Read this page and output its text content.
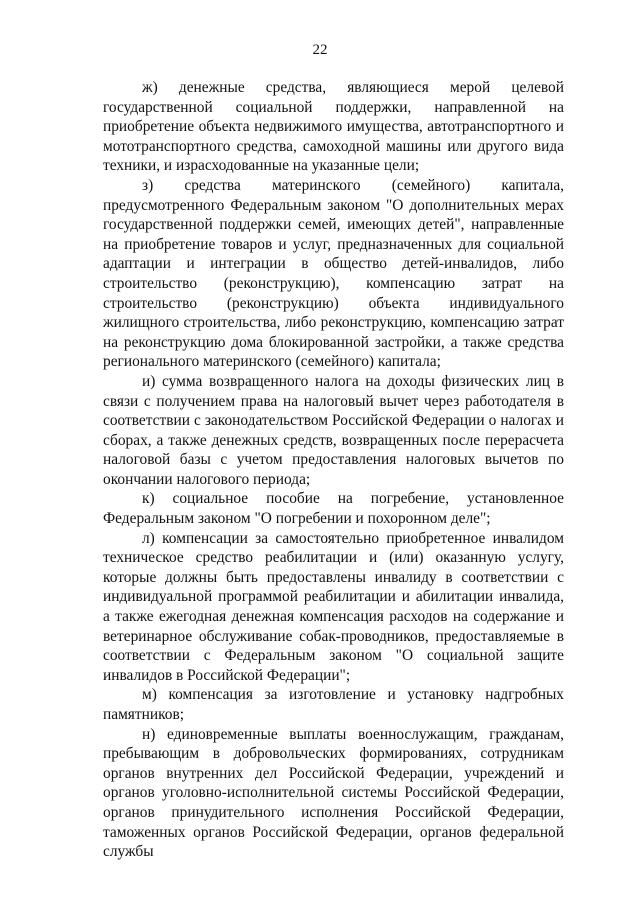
22

ж) денежные средства, являющиеся мерой целевой государственной социальной поддержки, направленной на приобретение объекта недвижимого имущества, автотранспортного и мототранспортного средства, самоходной машины или другого вида техники, и израсходованные на указанные цели;

з) средства материнского (семейного) капитала, предусмотренного Федеральным законом "О дополнительных мерах государственной поддержки семей, имеющих детей", направленные на приобретение товаров и услуг, предназначенных для социальной адаптации и интеграции в общество детей-инвалидов, либо строительство (реконструкцию), компенсацию затрат на строительство (реконструкцию) объекта индивидуального жилищного строительства, либо реконструкцию, компенсацию затрат на реконструкцию дома блокированной застройки, а также средства регионального материнского (семейного) капитала;

и) сумма возвращенного налога на доходы физических лиц в связи с получением права на налоговый вычет через работодателя в соответствии с законодательством Российской Федерации о налогах и сборах, а также денежных средств, возвращенных после перерасчета налоговой базы с учетом предоставления налоговых вычетов по окончании налогового периода;

к) социальное пособие на погребение, установленное Федеральным законом "О погребении и похоронном деле";

л) компенсации за самостоятельно приобретенное инвалидом техническое средство реабилитации и (или) оказанную услугу, которые должны быть предоставлены инвалиду в соответствии с индивидуальной программой реабилитации и абилитации инвалида, а также ежегодная денежная компенсация расходов на содержание и ветеринарное обслуживание собак-проводников, предоставляемые в соответствии с Федеральным законом "О социальной защите инвалидов в Российской Федерации";

м) компенсация за изготовление и установку надгробных памятников;

н) единовременные выплаты военнослужащим, гражданам, пребывающим в добровольческих формированиях, сотрудникам органов внутренних дел Российской Федерации, учреждений и органов уголовно-исполнительной системы Российской Федерации, органов принудительного исполнения Российской Федерации, таможенных органов Российской Федерации, органов федеральной службы
